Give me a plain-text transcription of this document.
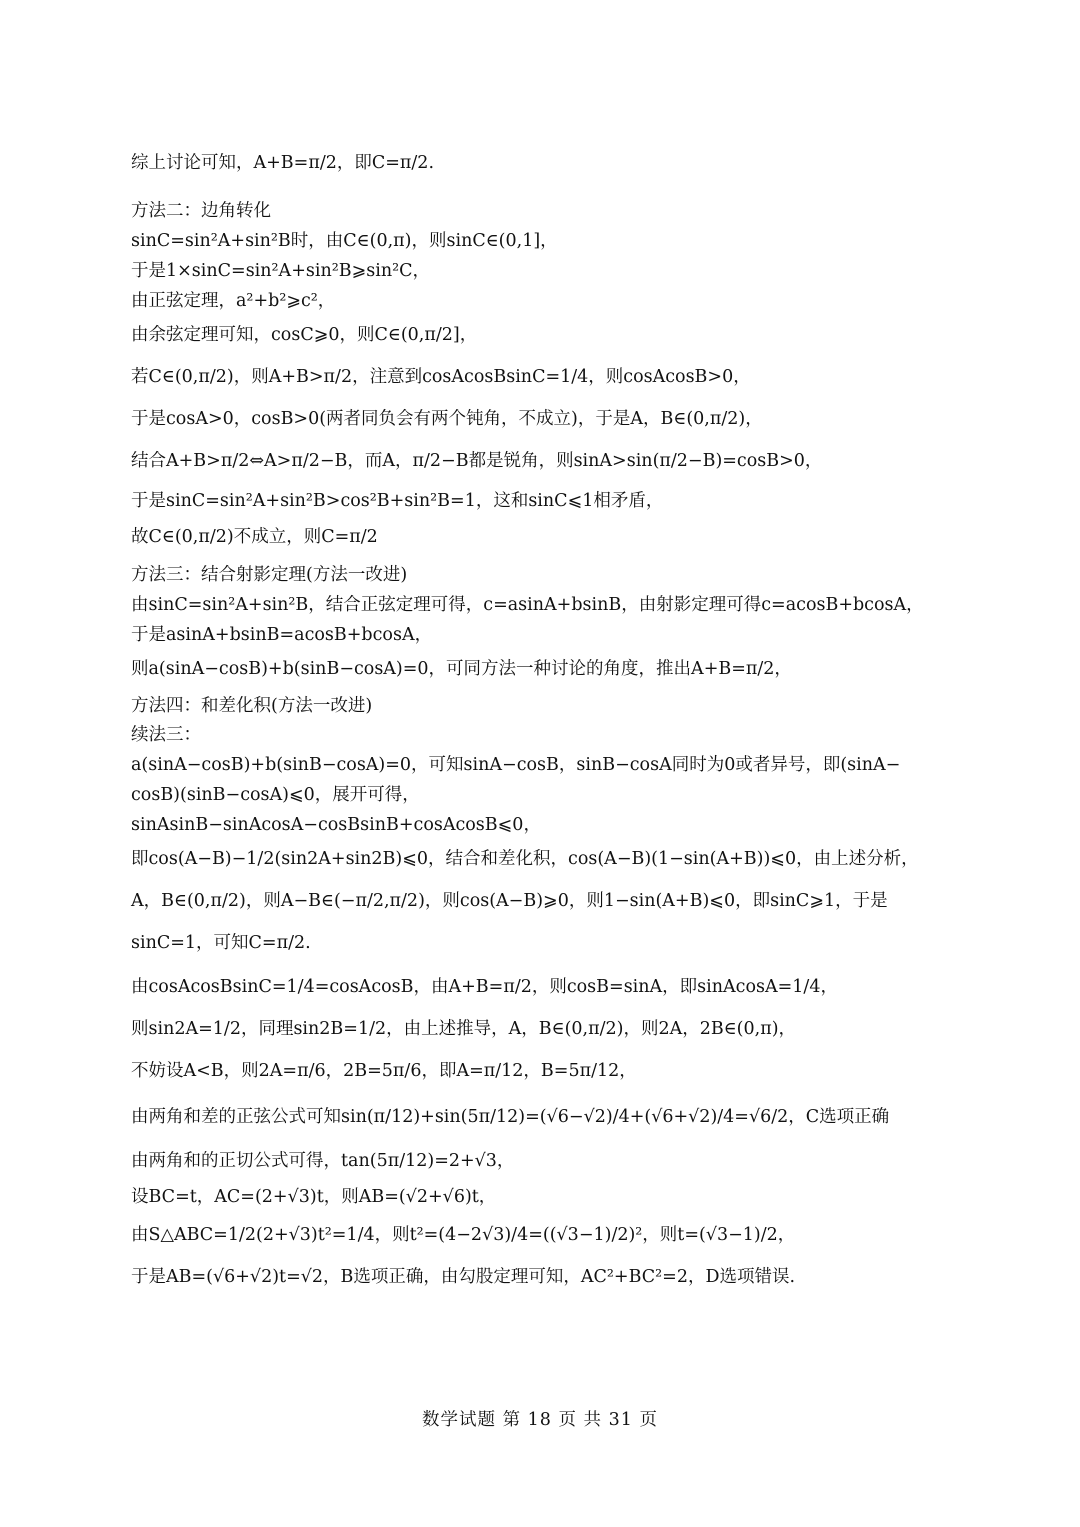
综上讨论可知，A+B=π/2，即C=π/2.
方法二：边角转化
sinC=sin²A+sin²B时，由C∈(0,π)，则sinC∈(0,1]，
于是1×sinC=sin²A+sin²B⩾sin²C，
由正弦定理，a²+b²⩾c²，
由余弦定理可知，cosC⩾0，则C∈(0,π/2]，
若C∈(0,π/2)，则A+B>π/2，注意到cosAcosBsinC=1/4，则cosAcosB>0，
于是cosA>0，cosB>0(两者同负会有两个钝角，不成立)，于是A，B∈(0,π/2)，
结合A+B>π/2⇔A>π/2−B，而A，π/2−B都是锐角，则sinA>sin(π/2−B)=cosB>0，
于是sinC=sin²A+sin²B>cos²B+sin²B=1，这和sinC⩽1相矛盾，
故C∈(0,π/2)不成立，则C=π/2
方法三：结合射影定理(方法一改进)
由sinC=sin²A+sin²B，结合正弦定理可得，c=asinA+bsinB，由射影定理可得c=acosB+bcosA，
于是asinA+bsinB=acosB+bcosA，
则a(sinA−cosB)+b(sinB−cosA)=0，可同方法一种讨论的角度，推出A+B=π/2，
方法四：和差化积(方法一改进)
续法三：
a(sinA−cosB)+b(sinB−cosA)=0，可知sinA−cosB，sinB−cosA同时为0或者异号，即(sinA−
cosB)(sinB−cosA)⩽0，展开可得，
sinAsinB−sinAcosA−cosBsinB+cosAcosB⩽0，
即cos(A−B)−1/2(sin2A+sin2B)⩽0，结合和差化积，cos(A−B)(1−sin(A+B))⩽0，由上述分析，
A，B∈(0,π/2)，则A−B∈(−π/2,π/2)，则cos(A−B)⩾0，则1−sin(A+B)⩽0，即sinC⩾1，于是
sinC=1，可知C=π/2.
由cosAcosBsinC=1/4=cosAcosB，由A+B=π/2，则cosB=sinA，即sinAcosA=1/4，
则sin2A=1/2，同理sin2B=1/2，由上述推导，A，B∈(0,π/2)，则2A，2B∈(0,π)，
不妨设A<B，则2A=π/6，2B=5π/6，即A=π/12，B=5π/12，
由两角和差的正弦公式可知sin(π/12)+sin(5π/12)=(√6−√2)/4+(√6+√2)/4=√6/2，C选项正确
由两角和的正切公式可得，tan(5π/12)=2+√3，
设BC=t，AC=(2+√3)t，则AB=(√2+√6)t，
由S△ABC=1/2(2+√3)t²=1/4，则t²=(4−2√3)/4=((√3−1)/2)²，则t=(√3−1)/2，
于是AB=(√6+√2)t=√2，B选项正确，由勾股定理可知，AC²+BC²=2，D选项错误.
数学试题 第 18 页 共 31 页
